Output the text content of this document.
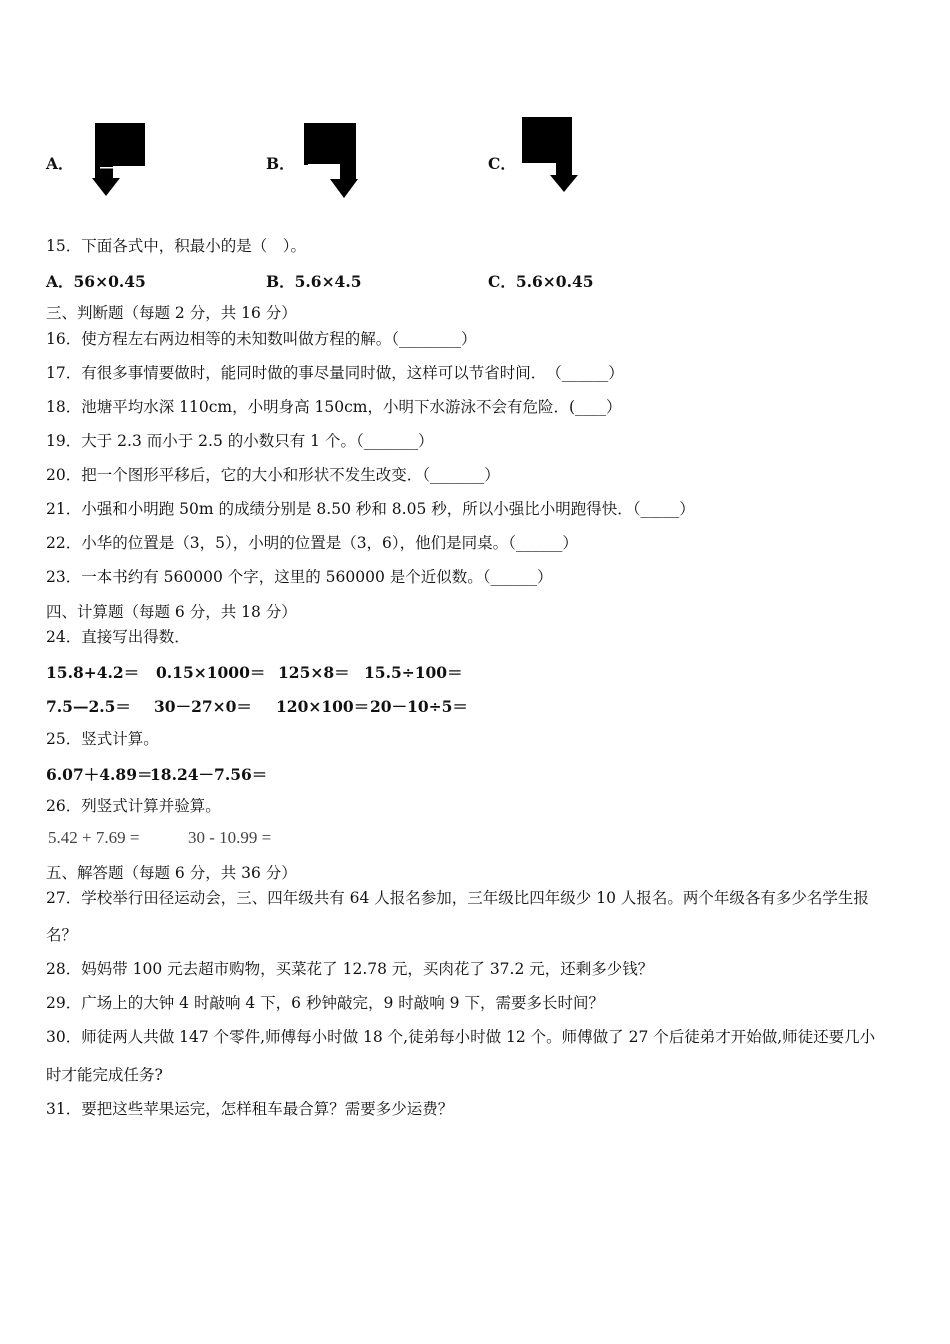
A．	B．	C．
15．下面各式中，积最小的是（　）。
A．56×0.45	B．5.6×4.5	C．5.6×0.45
三、判断题（每题 2 分，共 16 分）
16．使方程左右两边相等的未知数叫做方程的解。（________）
17．有很多事情要做时，能同时做的事尽量同时做，这样可以节省时间．　（______）
18．池塘平均水深 110cm，小明身高 150cm，小明下水游泳不会有危险．(____）
19．大于 2.3 而小于 2.5 的小数只有 1 个。（_______）
20．把一个图形平移后，它的大小和形状不发生改变．（_______）
21．小强和小明跑 50m 的成绩分别是 8.50 秒和 8.05 秒，所以小强比小明跑得快．（_____）
22．小华的位置是（3，5），小明的位置是（3，6），他们是同桌。（______）
23．一本书约有 560000 个字，这里的 560000 是个近似数。（______）
四、计算题（每题 6 分，共 18 分）
24．直接写出得数．
15.8+4.2＝ 0.15×1000＝ 125×8＝ 15.5÷100＝
7.5—2.5＝ 30－27×0＝ 120×100＝ 20－10÷5＝
25．竖式计算。
6.07＋4.89＝
18.24－7.56＝
26．列竖式计算并验算。
5.42 + 7.69 =	30 - 10.99 =
五、解答题（每题 6 分，共 36 分）
27．学校举行田径运动会，三、四年级共有 64 人报名参加，三年级比四年级少 10 人报名。两个年级各有多少名学生报
名？
28．妈妈带 100 元去超市购物，买菜花了 12.78 元，买肉花了 37.2 元，还剩多少钱？
29．广场上的大钟 4 时敲响 4 下，6 秒钟敲完，9 时敲响 9 下，需要多长时间？
30．师徒两人共做 147 个零件,师傅每小时做 18 个,徒弟每小时做 12 个。师傅做了 27 个后徒弟才开始做,师徒还要几小
时才能完成任务?
31．要把这些苹果运完，怎样租车最合算？需要多少运费？
